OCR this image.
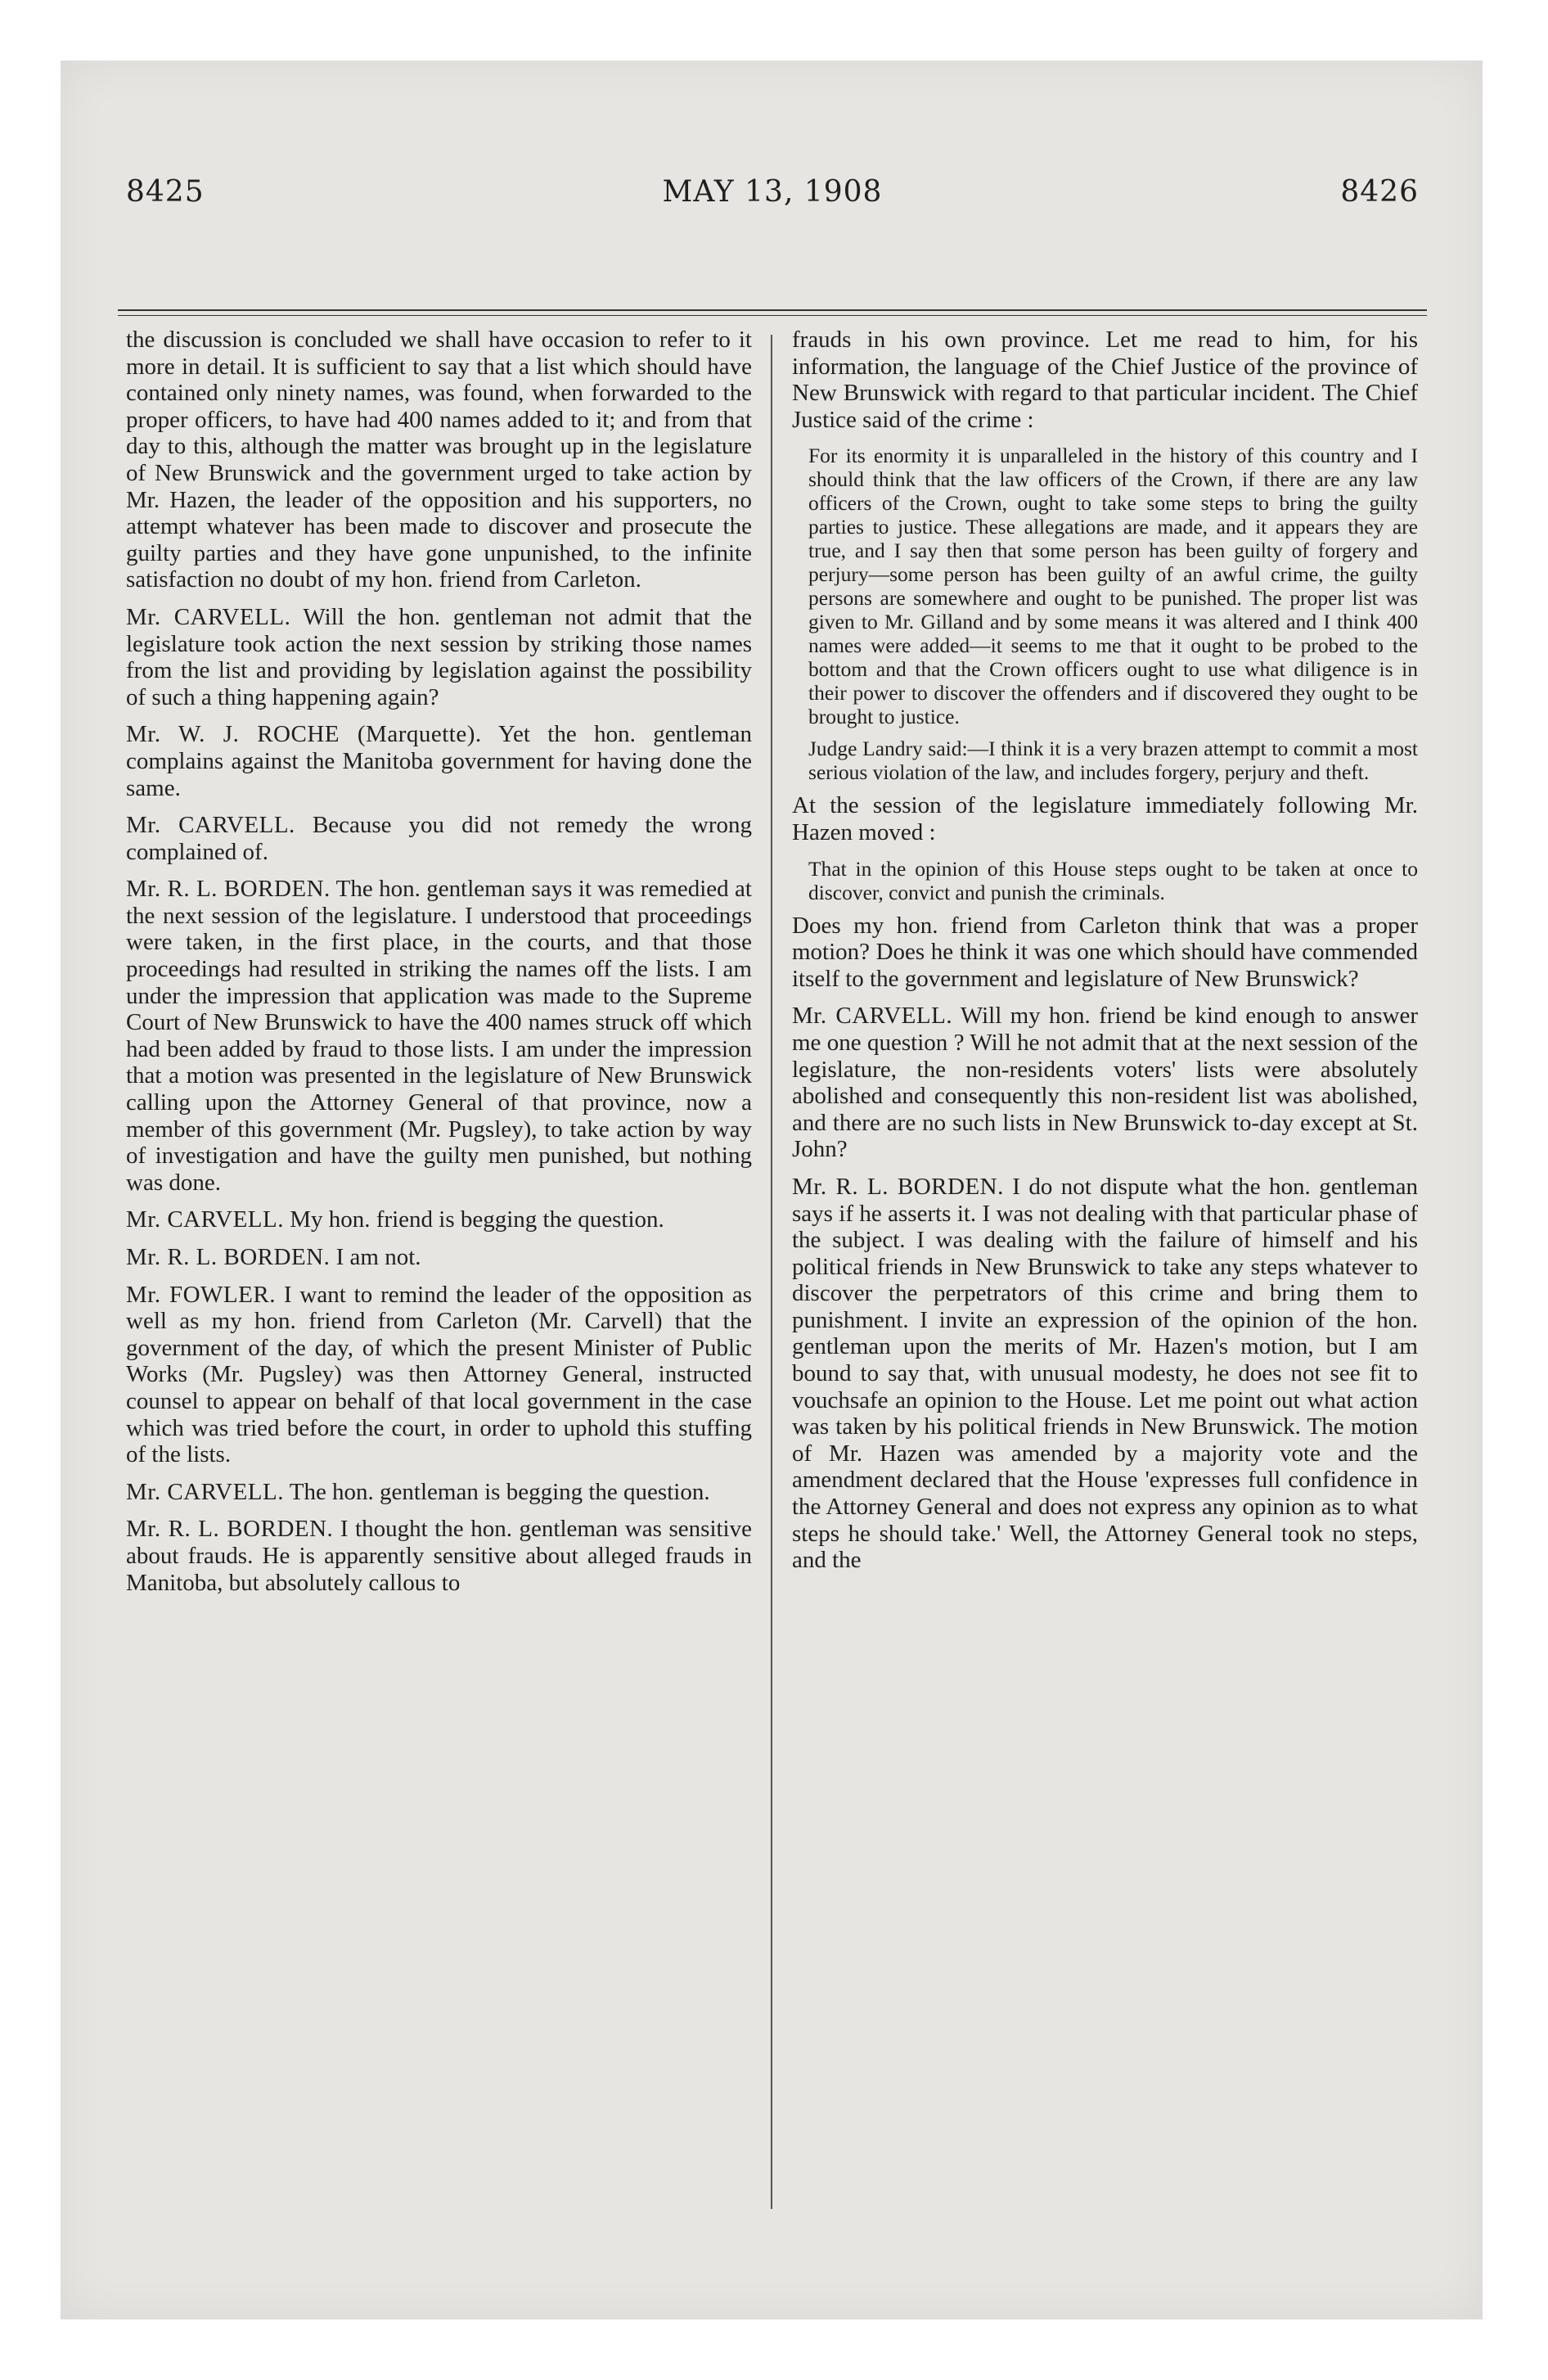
8425	MAY 13, 1908	8426

the discussion is concluded we shall have occasion to refer to it more in detail. It is sufficient to say that a list which should have contained only ninety names, was found, when forwarded to the proper officers, to have had 400 names added to it; and from that day to this, although the matter was brought up in the legislature of New Brunswick and the government urged to take action by Mr. Hazen, the leader of the opposition and his supporters, no attempt whatever has been made to discover and prosecute the guilty parties and they have gone unpunished, to the infinite satisfaction no doubt of my hon. friend from Carleton.

Mr. CARVELL. Will the hon. gentleman not admit that the legislature took action the next session by striking those names from the list and providing by legislation against the possibility of such a thing happening again?

Mr. W. J. ROCHE (Marquette). Yet the hon. gentleman complains against the Manitoba government for having done the same.

Mr. CARVELL. Because you did not remedy the wrong complained of.

Mr. R. L. BORDEN. The hon. gentleman says it was remedied at the next session of the legislature. I understood that proceedings were taken, in the first place, in the courts, and that those proceedings had resulted in striking the names off the lists. I am under the impression that application was made to the Supreme Court of New Brunswick to have the 400 names struck off which had been added by fraud to those lists. I am under the impression that a motion was presented in the legislature of New Brunswick calling upon the Attorney General of that province, now a member of this government (Mr. Pugsley), to take action by way of investigation and have the guilty men punished, but nothing was done.

Mr. CARVELL. My hon. friend is begging the question.

Mr. R. L. BORDEN. I am not.

Mr. FOWLER. I want to remind the leader of the opposition as well as my hon. friend from Carleton (Mr. Carvell) that the government of the day, of which the present Minister of Public Works (Mr. Pugsley) was then Attorney General, instructed counsel to appear on behalf of that local government in the case which was tried before the court, in order to uphold this stuffing of the lists.

Mr. CARVELL. The hon. gentleman is begging the question.

Mr. R. L. BORDEN. I thought the hon. gentleman was sensitive about frauds. He is apparently sensitive about alleged frauds in Manitoba, but absolutely callous to

frauds in his own province. Let me read to him, for his information, the language of the Chief Justice of the province of New Brunswick with regard to that particular incident. The Chief Justice said of the crime :

For its enormity it is unparalleled in the history of this country and I should think that the law officers of the Crown, if there are any law officers of the Crown, ought to take some steps to bring the guilty parties to justice. These allegations are made, and it appears they are true, and I say then that some person has been guilty of forgery and perjury—some person has been guilty of an awful crime, the guilty persons are somewhere and ought to be punished. The proper list was given to Mr. Gilland and by some means it was altered and I think 400 names were added—it seems to me that it ought to be probed to the bottom and that the Crown officers ought to use what diligence is in their power to discover the offenders and if discovered they ought to be brought to justice.

Judge Landry said:—I think it is a very brazen attempt to commit a most serious violation of the law, and includes forgery, perjury and theft.

At the session of the legislature immediately following Mr. Hazen moved :

That in the opinion of this House steps ought to be taken at once to discover, convict and punish the criminals.

Does my hon. friend from Carleton think that was a proper motion? Does he think it was one which should have commended itself to the government and legislature of New Brunswick?

Mr. CARVELL. Will my hon. friend be kind enough to answer me one question ? Will he not admit that at the next session of the legislature, the non-residents voters' lists were absolutely abolished and consequently this non-resident list was abolished, and there are no such lists in New Brunswick to-day except at St. John?

Mr. R. L. BORDEN. I do not dispute what the hon. gentleman says if he asserts it. I was not dealing with that particular phase of the subject. I was dealing with the failure of himself and his political friends in New Brunswick to take any steps whatever to discover the perpetrators of this crime and bring them to punishment. I invite an expression of the opinion of the hon. gentleman upon the merits of Mr. Hazen's motion, but I am bound to say that, with unusual modesty, he does not see fit to vouchsafe an opinion to the House. Let me point out what action was taken by his political friends in New Brunswick. The motion of Mr. Hazen was amended by a majority vote and the amendment declared that the House 'expresses full confidence in the Attorney General and does not express any opinion as to what steps he should take.' Well, the Attorney General took no steps, and the
